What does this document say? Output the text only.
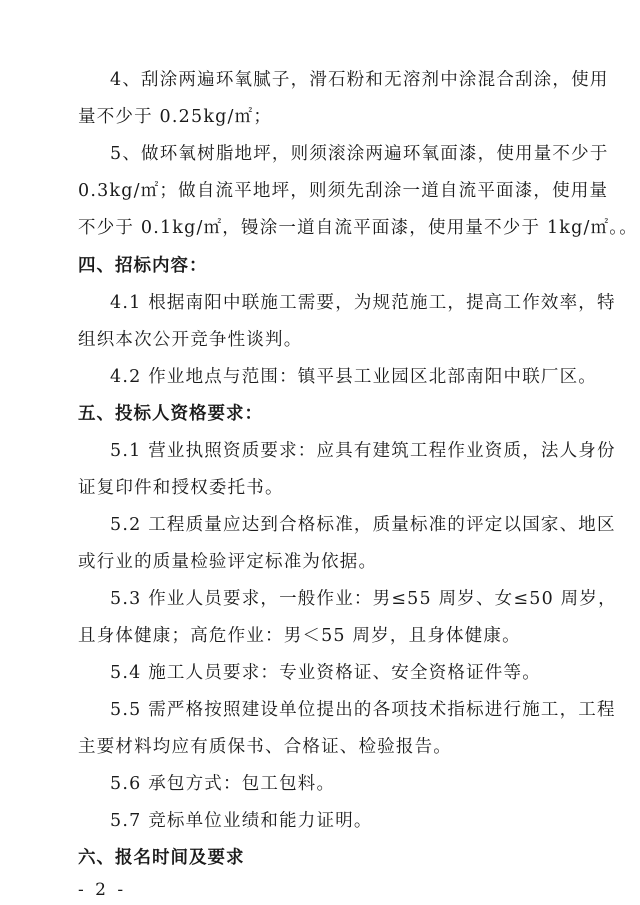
4、刮涂两遍环氧腻子，滑石粉和无溶剂中涂混合刮涂，使用
量不少于 0.25kg/㎡；
5、做环氧树脂地坪，则须滚涂两遍环氧面漆，使用量不少于
0.3kg/㎡；做自流平地坪，则须先刮涂一道自流平面漆，使用量
不少于 0.1kg/㎡，镘涂一道自流平面漆，使用量不少于 1kg/㎡。。
四、招标内容：
4.1 根据南阳中联施工需要，为规范施工，提高工作效率，特
组织本次公开竞争性谈判。
4.2 作业地点与范围：镇平县工业园区北部南阳中联厂区。
五、投标人资格要求：
5.1 营业执照资质要求：应具有建筑工程作业资质，法人身份
证复印件和授权委托书。
5.2 工程质量应达到合格标准，质量标准的评定以国家、地区
或行业的质量检验评定标准为依据。
5.3 作业人员要求，一般作业：男≤55 周岁、女≤50 周岁，
且身体健康；高危作业：男＜55 周岁，且身体健康。
5.4 施工人员要求：专业资格证、安全资格证件等。
5.5 需严格按照建设单位提出的各项技术指标进行施工，工程
主要材料均应有质保书、合格证、检验报告。
5.6 承包方式：包工包料。
5.7 竞标单位业绩和能力证明。
六、报名时间及要求
- 2 -
